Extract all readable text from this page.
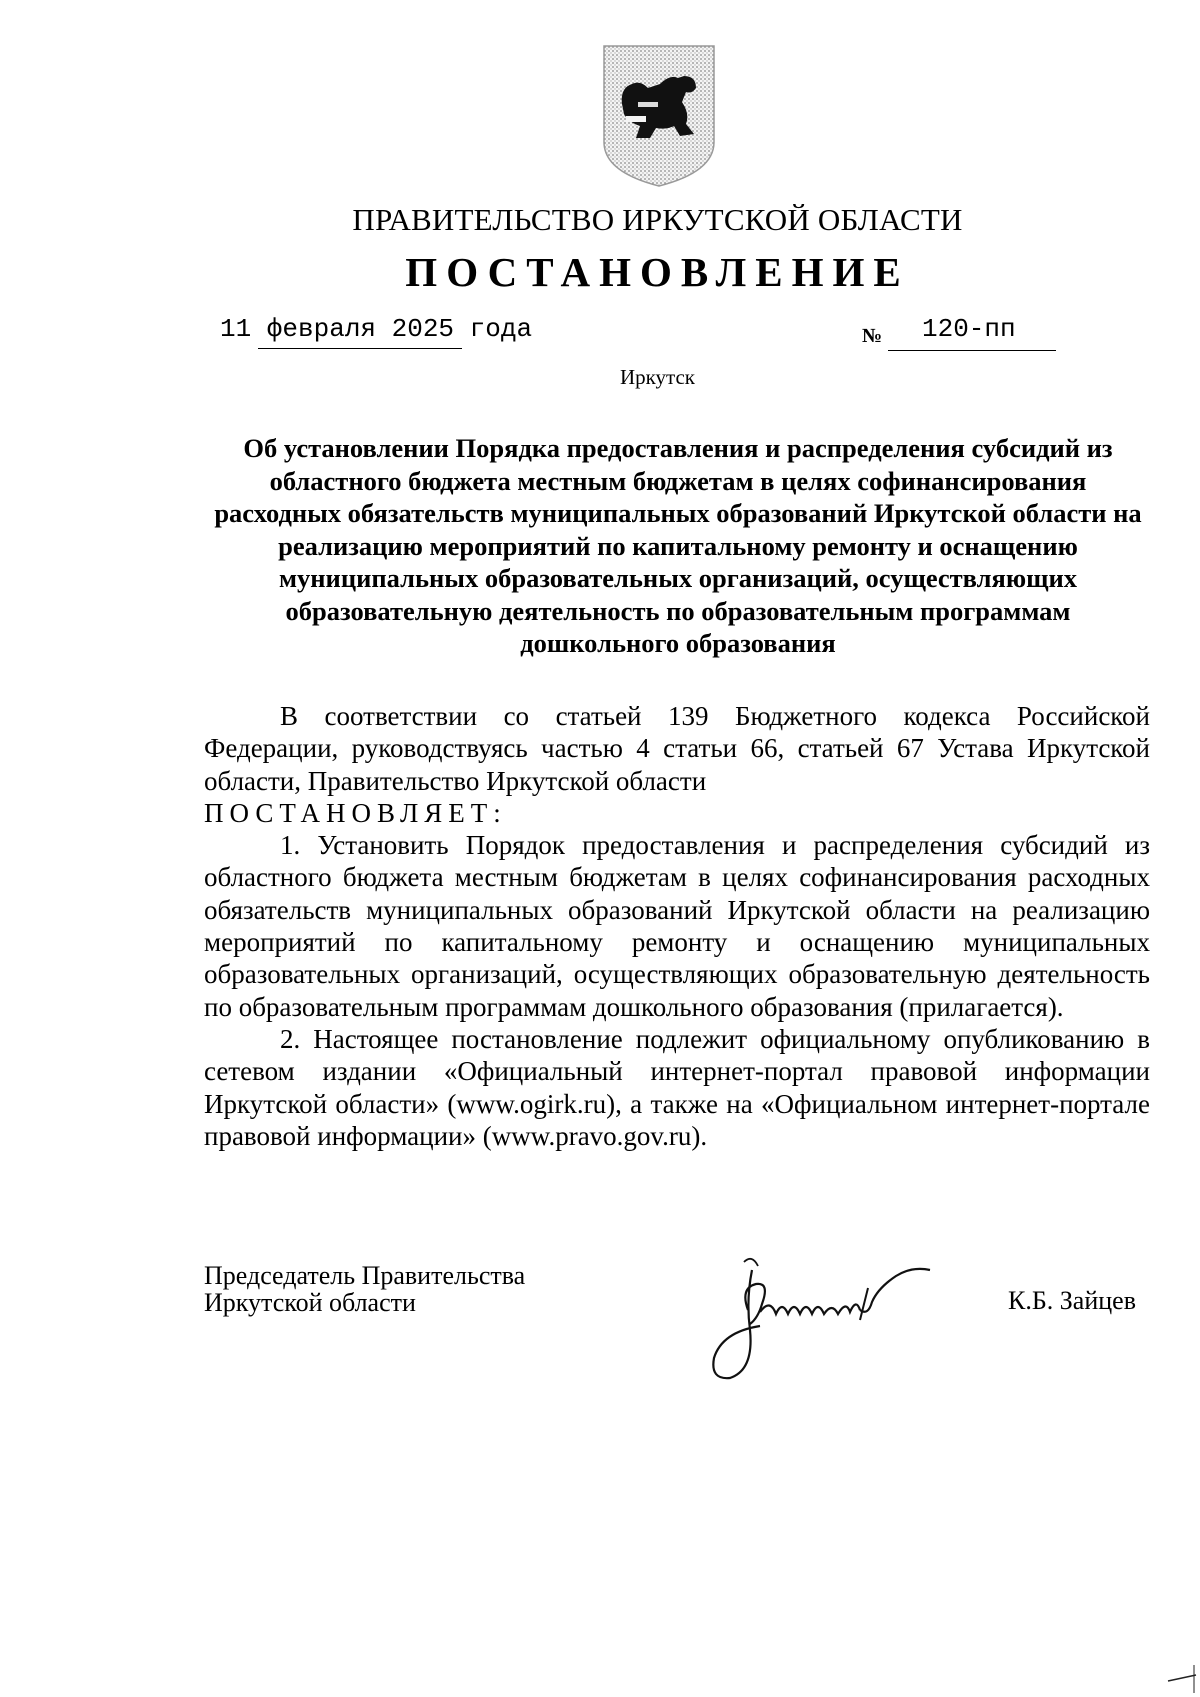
ПРАВИТЕЛЬСТВО ИРКУТСКОЙ ОБЛАСТИ
ПОСТАНОВЛЕНИЕ
11 февраля 2025 года	№ 120-пп
Иркутск
Об установлении Порядка предоставления и распределения субсидий из областного бюджета местным бюджетам в целях софинансирования расходных обязательств муниципальных образований Иркутской области на реализацию мероприятий по капитальному ремонту и оснащению муниципальных образовательных организаций, осуществляющих образовательную деятельность по образовательным программам дошкольного образования

В соответствии со статьей 139 Бюджетного кодекса Российской Федерации, руководствуясь частью 4 статьи 66, статьей 67 Устава Иркутской области, Правительство Иркутской области

ПОСТАНОВЛЯЕТ:

1. Установить Порядок предоставления и распределения субсидий из областного бюджета местным бюджетам в целях софинансирования расходных обязательств муниципальных образований Иркутской области на реализацию мероприятий по капитальному ремонту и оснащению муниципальных образовательных организаций, осуществляющих образовательную деятельность по образовательным программам дошкольного образования (прилагается).

2. Настоящее постановление подлежит официальному опубликованию в сетевом издании «Официальный интернет-портал правовой информации Иркутской области» (www.ogirk.ru), а также на «Официальном интернет-портале правовой информации» (www.pravo.gov.ru).

Председатель Правительства
Иркутской области	К.Б. Зайцев
